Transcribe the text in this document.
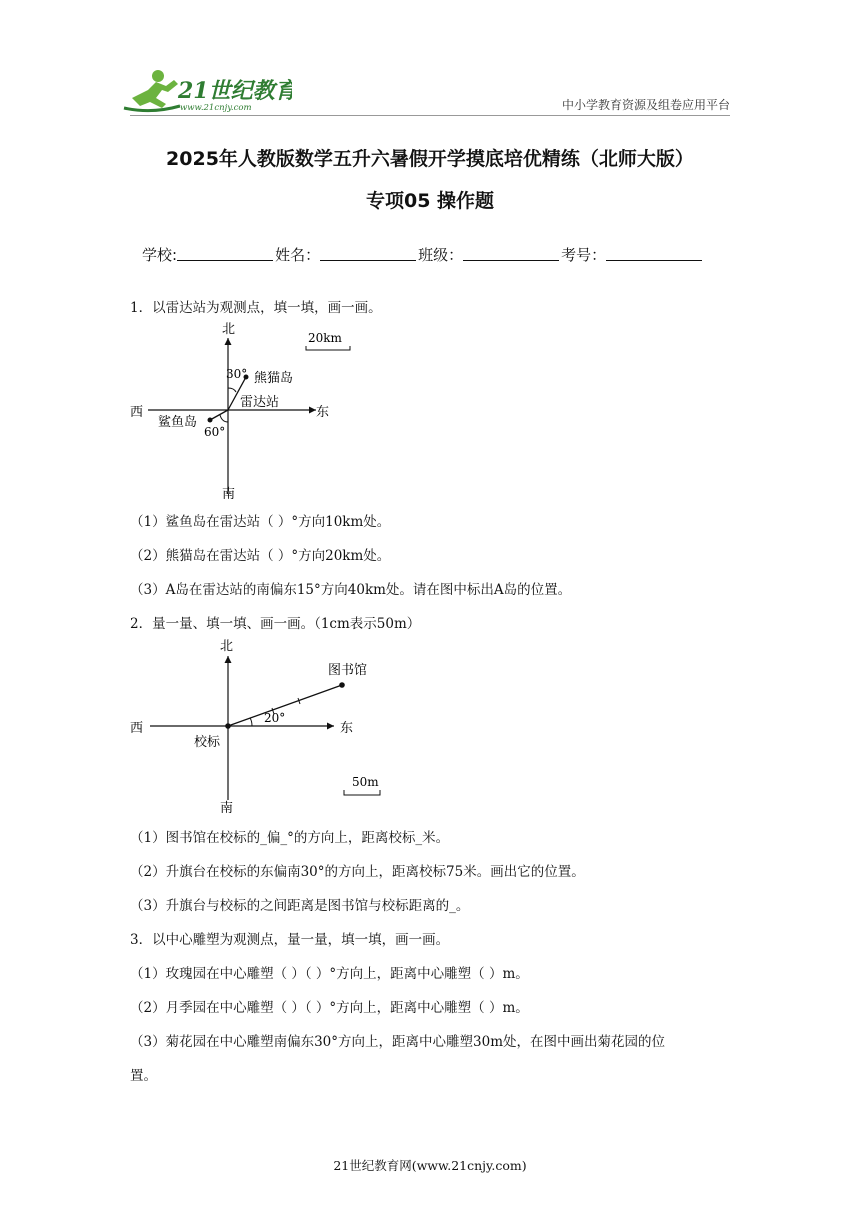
21世纪教育
www.21cnjy.com	中小学教育资源及组卷应用平台
2025年人教版数学五升六暑假开学摸底培优精练（北师大版）
专项05 操作题
学校:	姓名：	班级：	考号：
1．以雷达站为观测点，填一填，画一画。
北
南
西	东
20km
30° 熊猫岛
雷达站
鲨鱼岛
60°
（1）鲨鱼岛在雷达站（ ）°方向10km处。
（2）熊猫岛在雷达站（ ）°方向20km处。
（3）A岛在雷达站的南偏东15°方向40km处。请在图中标出A岛的位置。
2．量一量、填一填、画一画。（1cm表示50m）
北
南
西	东
图书馆
20°
校标
50m
（1）图书馆在校标的_偏_°的方向上，距离校标_米。
（2）升旗台在校标的东偏南30°的方向上，距离校标75米。画出它的位置。
（3）升旗台与校标的之间距离是图书馆与校标距离的_。
3．以中心雕塑为观测点，量一量，填一填，画一画。
（1）玫瑰园在中心雕塑（ ）（ ）°方向上，距离中心雕塑（ ）m。
（2）月季园在中心雕塑（ ）（ ）°方向上，距离中心雕塑（ ）m。
（3）菊花园在中心雕塑南偏东30°方向上，距离中心雕塑30m处，在图中画出菊花园的位
置。
21世纪教育网(www.21cnjy.com)
